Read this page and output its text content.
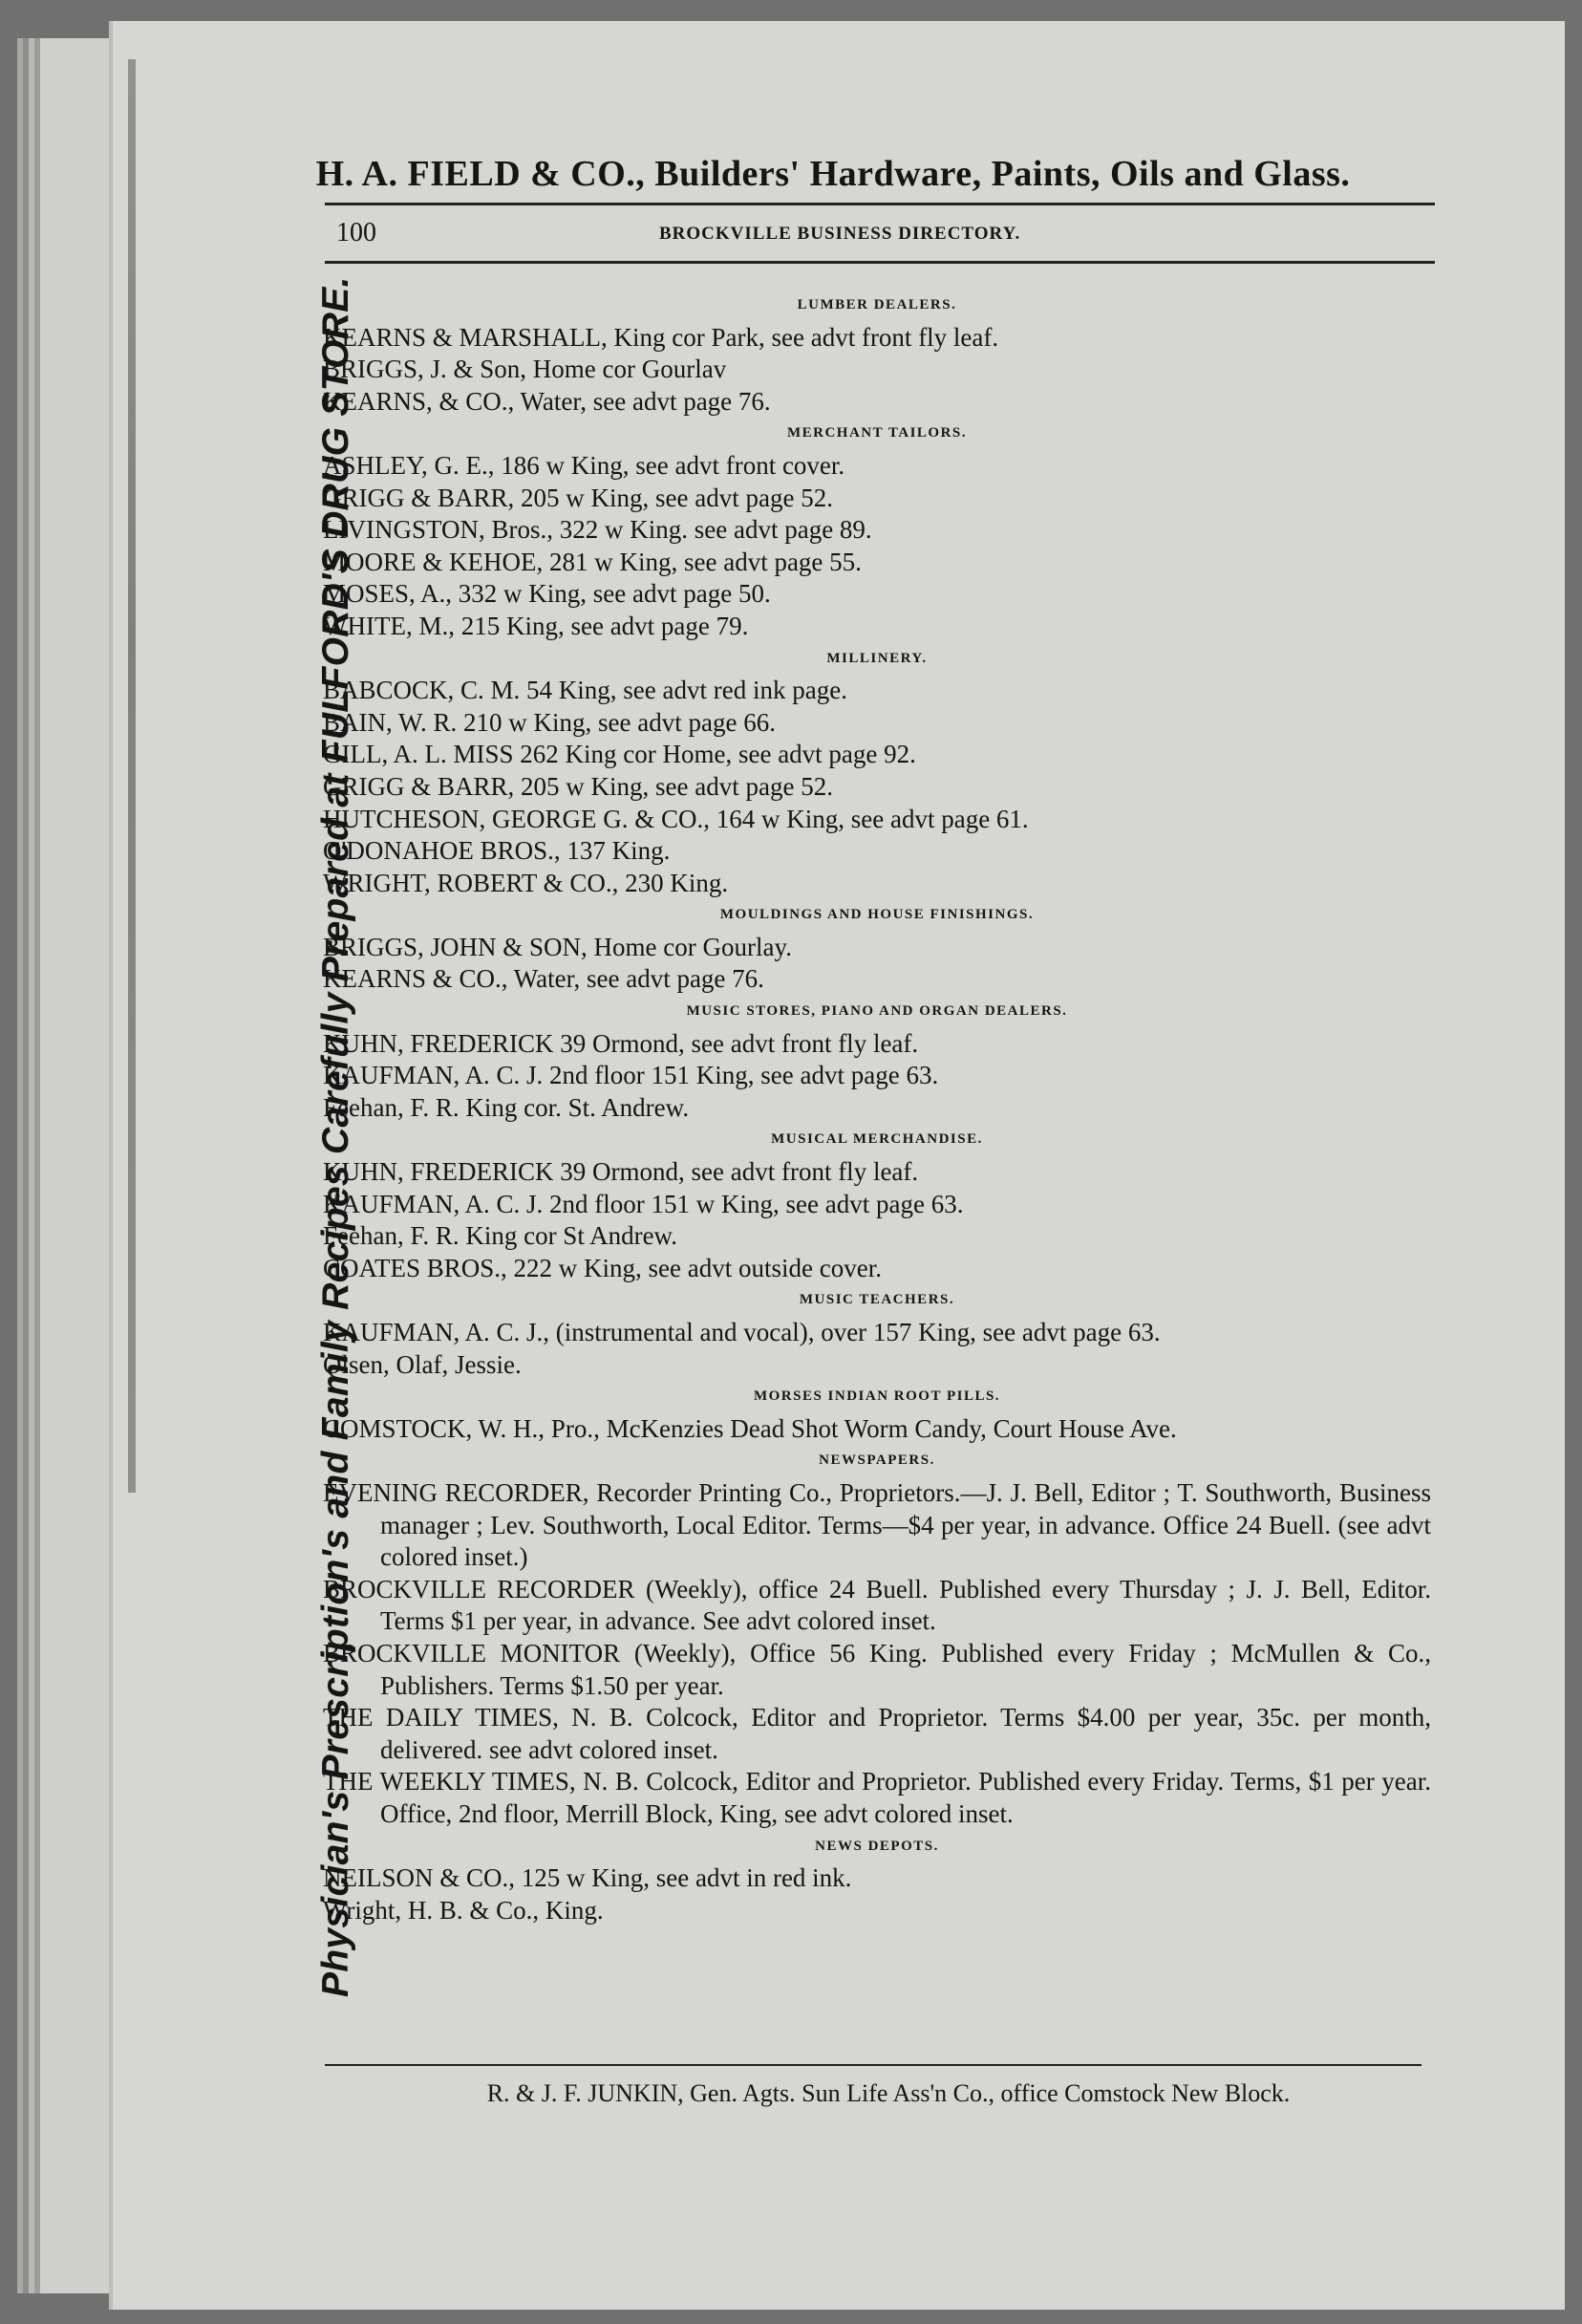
H. A. FIELD & CO., Builders' Hardware, Paints, Oils and Glass.
100	BROCKVILLE BUSINESS DIRECTORY.
Physician's Prescription's and Family Recipes Carefully Prepared at FULFORD'S DRUG STORE.	LUMBER DEALERS.
KEARNS & MARSHALL, King cor Park, see advt front fly leaf.
BRIGGS, J. & Son, Home cor Gourlav
KEARNS, & CO., Water, see advt page 76.
MERCHANT TAILORS.
ASHLEY, G. E., 186 w King, see advt front cover.
GRIGG & BARR, 205 w King, see advt page 52.
LIVINGSTON, Bros., 322 w King. see advt page 89.
MOORE & KEHOE, 281 w King, see advt page 55.
MOSES, A., 332 w King, see advt page 50.
WHITE, M., 215 King, see advt page 79.
MILLINERY.
BABCOCK, C. M. 54 King, see advt red ink page.
BAIN, W. R. 210 w King, see advt page 66.
GILL, A. L. MISS 262 King cor Home, see advt page 92.
GRIGG & BARR, 205 w King, see advt page 52.
HUTCHESON, GEORGE G. & CO., 164 w King, see advt page 61.
O'DONAHOE BROS., 137 King.
WRIGHT, ROBERT & CO., 230 King.
MOULDINGS AND HOUSE FINISHINGS.
BRIGGS, JOHN & SON, Home cor Gourlay.
KEARNS & CO., Water, see advt page 76.
MUSIC STORES, PIANO AND ORGAN DEALERS.
KUHN, FREDERICK 39 Ormond, see advt front fly leaf.
KAUFMAN, A. C. J. 2nd floor 151 King, see advt page 63.
Feehan, F. R. King cor. St. Andrew.
MUSICAL MERCHANDISE.
KUHN, FREDERICK 39 Ormond, see advt front fly leaf.
KAUFMAN, A. C. J. 2nd floor 151 w King, see advt page 63.
Feehan, F. R. King cor St Andrew.
COATES BROS., 222 w King, see advt outside cover.
MUSIC TEACHERS.
KAUFMAN, A. C. J., (instrumental and vocal), over 157 King, see advt page 63.
Olsen, Olaf, Jessie.
MORSES INDIAN ROOT PILLS.
COMSTOCK, W. H., Pro., McKenzies Dead Shot Worm Candy, Court House Ave.
NEWSPAPERS.
EVENING RECORDER, Recorder Printing Co., Proprietors.—J. J. Bell, Editor ; T. Southworth, Business manager ; Lev. Southworth, Local Editor. Terms—$4 per year, in advance. Office 24 Buell. (see advt colored inset.)
BROCKVILLE RECORDER (Weekly), office 24 Buell. Published every Thursday ; J. J. Bell, Editor. Terms $1 per year, in advance. See advt colored inset.
BROCKVILLE MONITOR (Weekly), Office 56 King. Published every Friday ; McMullen & Co., Publishers. Terms $1.50 per year.
THE DAILY TIMES, N. B. Colcock, Editor and Proprietor. Terms $4.00 per year, 35c. per month, delivered. see advt colored inset.
THE WEEKLY TIMES, N. B. Colcock, Editor and Proprietor. Published every Friday. Terms, $1 per year. Office, 2nd floor, Merrill Block, King, see advt colored inset.
NEWS DEPOTS.
NEILSON & CO., 125 w King, see advt in red ink.
Wright, H. B. & Co., King.
R. & J. F. JUNKIN, Gen. Agts. Sun Life Ass'n Co., office Comstock New Block.
